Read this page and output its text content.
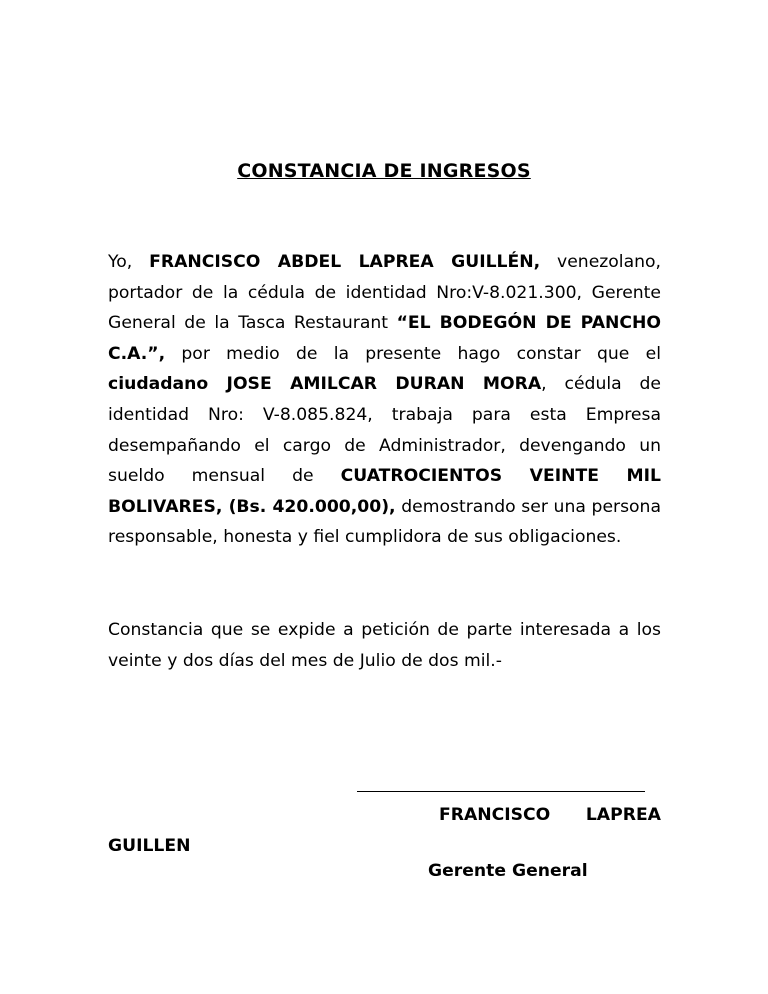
CONSTANCIA DE INGRESOS
Yo, FRANCISCO ABDEL LAPREA GUILLÉN, venezolano, portador de la cédula de identidad Nro:V-8.021.300, Gerente General de la Tasca Restaurant “EL BODEGÓN DE PANCHO C.A.”, por medio de la presente hago constar que el ciudadano JOSE AMILCAR DURAN MORA, cédula de identidad Nro: V-8.085.824, trabaja para esta Empresa desempañando el cargo de Administrador, devengando un sueldo mensual de CUATROCIENTOS VEINTE MIL BOLIVARES, (Bs. 420.000,00), demostrando ser una persona responsable, honesta y fiel cumplidora de sus obligaciones.
Constancia que se expide a petición de parte interesada a los veinte y dos días del mes de Julio de dos mil.-
FRANCISCO LAPREA
GUILLEN
Gerente General
